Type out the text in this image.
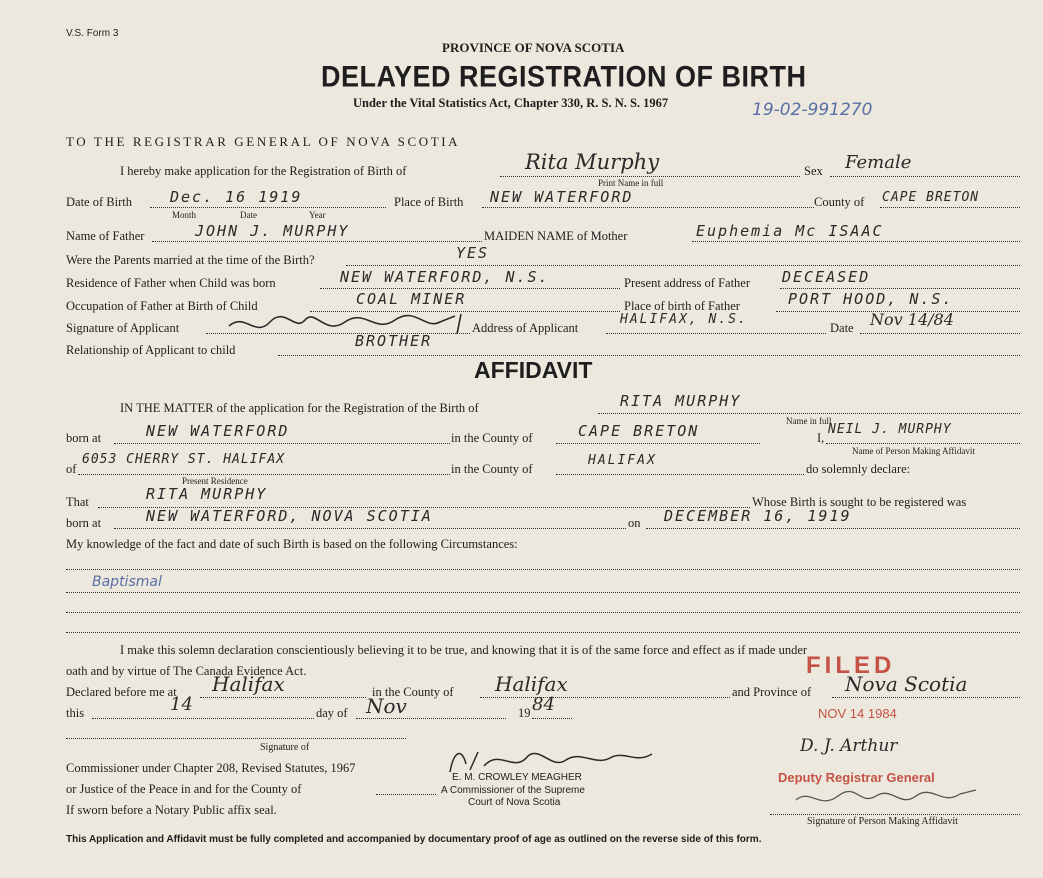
V.S. Form 3
PROVINCE OF NOVA SCOTIA
DELAYED REGISTRATION OF BIRTH
Under the Vital Statistics Act, Chapter 330, R. S. N. S. 1967	19-02-991270
TO THE REGISTRAR GENERAL OF NOVA SCOTIA
I hereby make application for the Registration of Birth of	Rita Murphy
Print Name in full
Sex Female
Date of Birth	Dec. 16 1919
Month	Date	Year
Place of Birth NEW WATERFORD	County of CAPE BRETON
Name of Father	JOHN J. MURPHY	MAIDEN NAME of Mother	Euphemia Mc ISAAC
Were the Parents married at the time of the Birth?	YES
Residence of Father when Child was born	NEW WATERFORD, N.S.	Present address of Father DECEASED
Occupation of Father at Birth of Child	COAL MINER	Place of birth of Father	PORT HOOD, N.S.
Signature of Applicant	Address of Applicant
HALIFAX, N.S.
Date Nov 14/84
Relationship of Applicant to child	BROTHER
AFFIDAVIT
IN THE MATTER of the application for the Registration of the Birth of	RITA MURPHY
Name in full
born at	NEW WATERFORD	in the County of	CAPE BRETON	I,
NEIL J. MURPHY
Name of Person Making Affidavit
of
6053 CHERRY ST. HALIFAX
Present Residence
in the County of
HALIFAX
do solemnly declare:
That	RITA MURPHY	Whose Birth is sought to be registered was
born at	NEW WATERFORD, NOVA SCOTIA	on DECEMBER 16, 1919
My knowledge of the fact and date of such Birth is based on the following Circumstances:
Baptismal
I make this solemn declaration conscientiously believing it to be true, and knowing that it is of the same force and effect as if made under
oath and by virtue of The Canada Evidence Act.
Declared before me at Halifax	in the County of Halifax	and Province of Nova Scotia
this	14	day of Nov	19 84
Signature of
Commissioner under Chapter 208, Revised Statutes, 1967
or Justice of the Peace in and for the County of
If sworn before a Notary Public affix seal.
E. M. CROWLEY MEAGHER
A Commissioner of the Supreme
Court of Nova Scotia
FILED
NOV 14 1984
D. J. Arthur
Deputy Registrar General
Signature of Person Making Affidavit
This Application and Affidavit must be fully completed and accompanied by documentary proof of age as outlined on the reverse side of this form.
